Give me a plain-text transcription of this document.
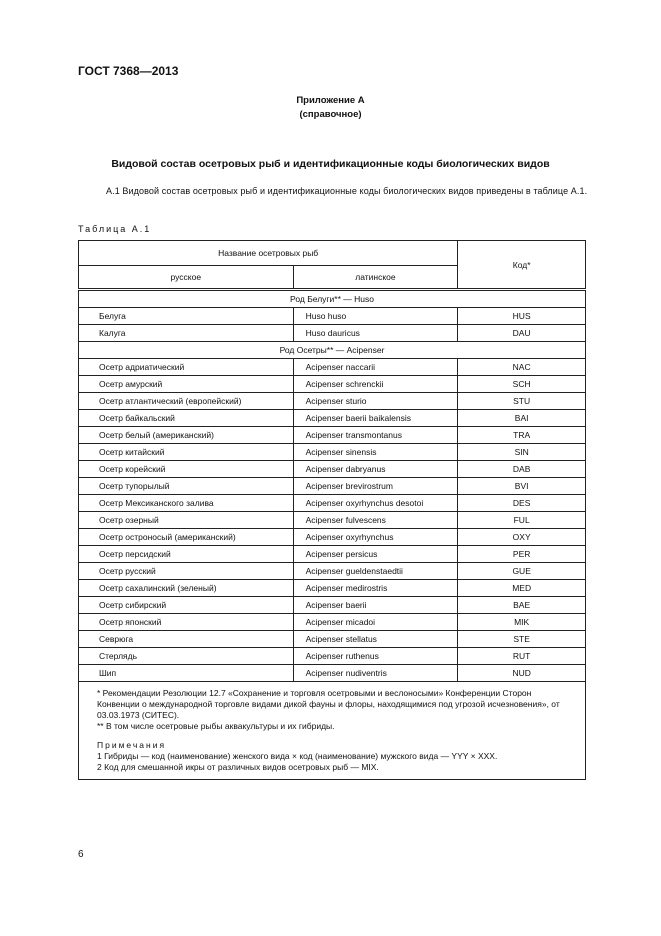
ГОСТ 7368—2013
Приложение А
(справочное)
Видовой состав осетровых рыб и идентификационные коды биологических видов
А.1 Видовой состав осетровых рыб и идентификационные коды биологических видов приведены в таблице А.1.
Таблица А.1
Название осетровых рыб		Код*
русское	латинское	
Род Белуги** — Huso		
Белуга	Huso huso	HUS
Калуга	Huso dauricus	DAU
Род Осетры** — Acipenser		
Осетр адриатический	Acipenser naccarii	NAC
Осетр амурский	Acipenser schrenckii	SCH
Осетр атлантический (европейский)	Acipenser sturio	STU
Осетр байкальский	Acipenser baerii baikalensis	BAI
Осетр белый (американский)	Acipenser transmontanus	TRA
Осетр китайский	Acipenser sinensis	SIN
Осетр корейский	Acipenser dabryanus	DAB
Осетр тупорылый	Acipenser brevirostrum	BVI
Осетр Мексиканского залива	Acipenser oxyrhynchus desotoi	DES
Осетр озерный	Acipenser fulvescens	FUL
Осетр остроносый (американский)	Acipenser oxyrhynchus	OXY
Осетр персидский	Acipenser persicus	PER
Осетр русский	Acipenser gueldenstaedtii	GUE
Осетр сахалинский (зеленый)	Acipenser medirostris	MED
Осетр сибирский	Acipenser baerii	BAE
Осетр японский	Acipenser micadoi	MIK
Севрюга	Acipenser stellatus	STE
Стерлядь	Acipenser ruthenus	RUT
Шип	Acipenser nudiventris	NUD

* Рекомендации Резолюции 12.7 «Сохранение и торговля осетровыми и веслоносыми» Конференции Сторон Конвенции о международной торговле видами дикой фауны и флоры, находящимися под угрозой исчезновения», от 03.03.1973 (СИТЕС).
** В том числе осетровые рыбы аквакультуры и их гибриды.
Примечания
1 Гибриды — код (наименование) женского вида × код (наименование) мужского вида — YYY × XXX.
2 Код для смешанной икры от различных видов осетровых рыб — MIX.		
6
